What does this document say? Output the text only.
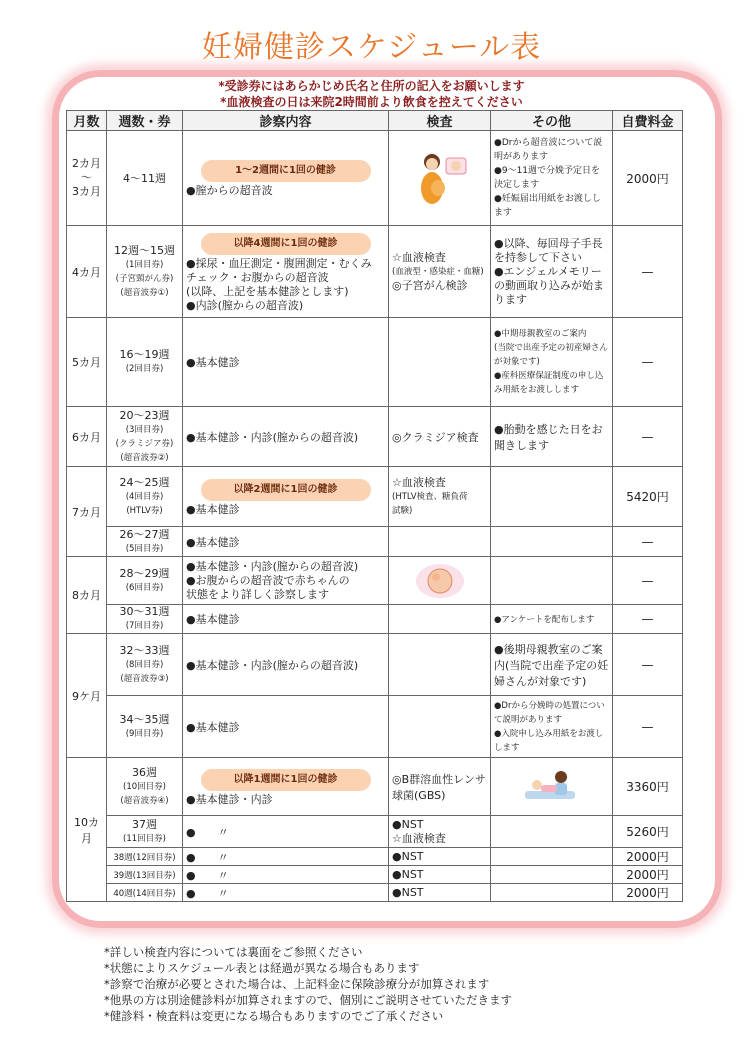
妊婦健診スケジュール表
*受診券にはあらかじめ氏名と住所の記入をお願いします
*血液検査の日は来院2時間前より飲食を控えてください
月数	週数・券	診察内容	検査	その他	自費料金

2カ月
〜
3カ月	4〜11週	1〜2週間に1回の健診
●膣からの超音波		●Drから超音波について説明があります
●9〜11週で分娩予定日を決定します
●妊娠届出用紙をお渡しします	2000円
4カ月	12週〜15週
(1回目券)
(子宮頸がん券)
(超音波券①)	以降4週間に1回の健診
●採尿・血圧測定・腹囲測定・むくみ
チェック・お腹からの超音波
(以降、上記を基本健診とします)
●内診(膣からの超音波)	☆血液検査
(血液型・感染症・血糖)
◎子宮がん検診	●以降、毎回母子手長を持参して下さい
●エンジェルメモリーの動画取り込みが始まります	—
5カ月	16〜19週
(2回目券)	●基本健診		●中期母親教室のご案内
(当院で出産予定の初産婦さんが対象です)
●産科医療保証制度の申し込み用紙をお渡しします	—
6カ月	20〜23週
(3回目券)
(クラミジア券)
(超音波券②)	●基本健診・内診(膣からの超音波)	◎クラミジア検査	●胎動を感じた日をお聞きします	—
7カ月	24〜25週
(4回目券)
(HTLV券)	以降2週間に1回の健診
●基本健診	☆血液検査
(HTLV検査、糖負荷
試験)		5420円

	26〜27週
(5回目券)	●基本健診			—
8カ月	28〜29週
(6回目券)	●基本健診・内診(膣からの超音波)
●お腹からの超音波で赤ちゃんの
状態をより詳しく診察します			—

	30〜31週
(7回目券)	●基本健診		●アンケートを配布します	—
9ケ月	32〜33週
(8回目券)
(超音波券③)	●基本健診・内診(膣からの超音波)		●後期母親教室のご案内(当院で出産予定の妊婦さんが対象です)	—

	34〜35週
(9回目券)	●基本健診		●Drから分娩時の処置について説明があります
●入院申し込み用紙をお渡しします	—
10カ月	36週
(10回目券)
(超音波券④)	以降1週間に1回の健診
●基本健診・内診	◎B群溶血性レンサ球菌(GBS)		3360円

	37週
(11回目券)	●　　〃	●NST
☆血液検査		5260円
	38週(12回目券)	●　　〃	●NST		2000円
	39週(13回目券)	●　　〃	●NST		2000円
	40週(14回目券)	●　　〃	●NST		2000円
*詳しい検査内容については裏面をご参照ください
*状態によりスケジュール表とは経過が異なる場合もあります
*診察で治療が必要とされた場合は、上記料金に保険診療分が加算されます
*他県の方は別途健診料が加算されますので、個別にご説明させていただきます
*健診料・検査料は変更になる場合もありますのでご了承ください
